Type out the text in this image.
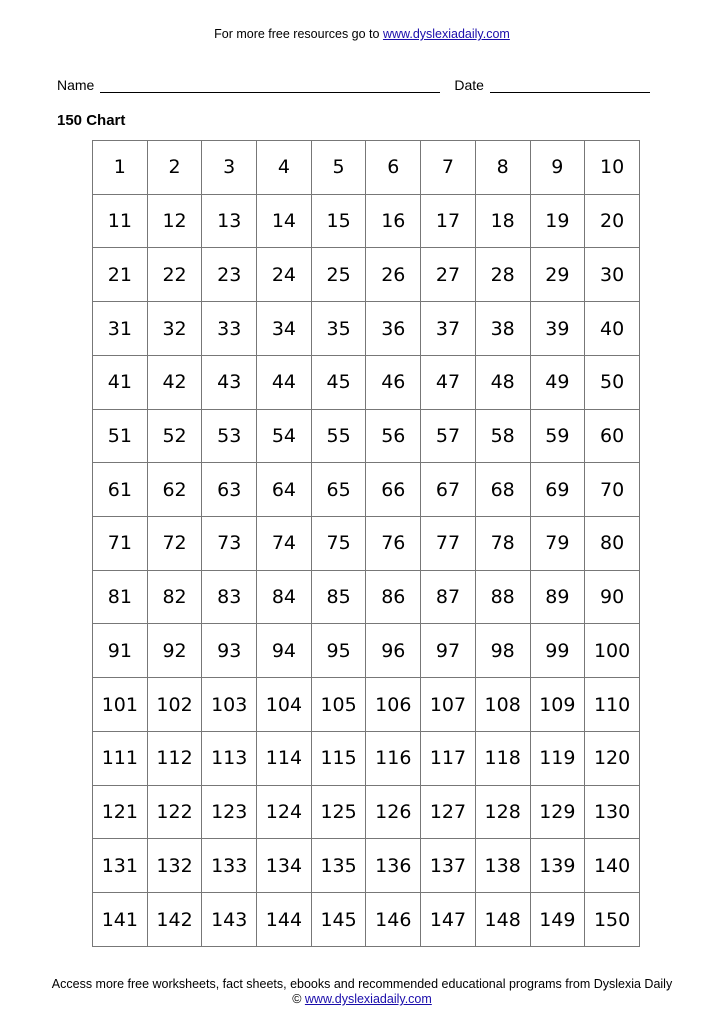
For more free resources go to www.dyslexiadaily.com
Name	Date
150 Chart
1	2	3	4	5	6	7	8	9	10
11	12	13	14	15	16	17	18	19	20
21	22	23	24	25	26	27	28	29	30
31	32	33	34	35	36	37	38	39	40
41	42	43	44	45	46	47	48	49	50
51	52	53	54	55	56	57	58	59	60
61	62	63	64	65	66	67	68	69	70
71	72	73	74	75	76	77	78	79	80
81	82	83	84	85	86	87	88	89	90
91	92	93	94	95	96	97	98	99	100
101	102	103	104	105	106	107	108	109	110
111	112	113	114	115	116	117	118	119	120
121	122	123	124	125	126	127	128	129	130
131	132	133	134	135	136	137	138	139	140
141	142	143	144	145	146	147	148	149	150
Access more free worksheets, fact sheets, ebooks and recommended educational programs from Dyslexia Daily
© www.dyslexiadaily.com
